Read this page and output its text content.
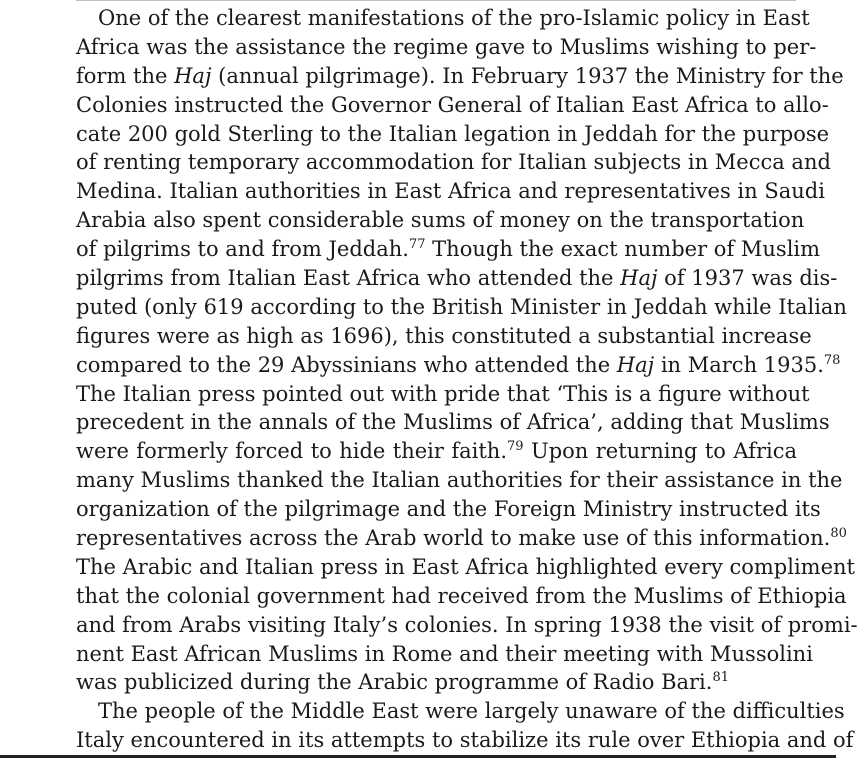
One of the clearest manifestations of the pro-Islamic policy in East
Africa was the assistance the regime gave to Muslims wishing to per-
form the Haj (annual pilgrimage). In February 1937 the Ministry for the
Colonies instructed the Governor General of Italian East Africa to allo-
cate 200 gold Sterling to the Italian legation in Jeddah for the purpose
of renting temporary accommodation for Italian subjects in Mecca and
Medina. Italian authorities in East Africa and representatives in Saudi
Arabia also spent considerable sums of money on the transportation
of pilgrims to and from Jeddah.$^{77}$ Though the exact number of Muslim
pilgrims from Italian East Africa who attended the Haj of 1937 was dis-
puted (only 619 according to the British Minister in Jeddah while Italian
figures were as high as 1696), this constituted a substantial increase
compared to the 29 Abyssinians who attended the Haj in March 1935.78
The Italian press pointed out with pride that ‘This is a figure without
precedent in the annals of the Muslims of Africa’, adding that Muslims
were formerly forced to hide their faith.$^{79}$ Upon returning to Africa
many Muslims thanked the Italian authorities for their assistance in the
organization of the pilgrimage and the Foreign Ministry instructed its
representatives across the Arab world to make use of this information.$^{80}$
The Arabic and Italian press in East Africa highlighted every compliment
that the colonial government had received from the Muslims of Ethiopia
and from Arabs visiting Italy’s colonies. In spring 1938 the visit of promi-
nent East African Muslims in Rome and their meeting with Mussolini
was publicized during the Arabic programme of Radio Bari.$^{81}$
The people of the Middle East were largely unaware of the difficulties
Italy encountered in its attempts to stabilize its rule over Ethiopia and of
